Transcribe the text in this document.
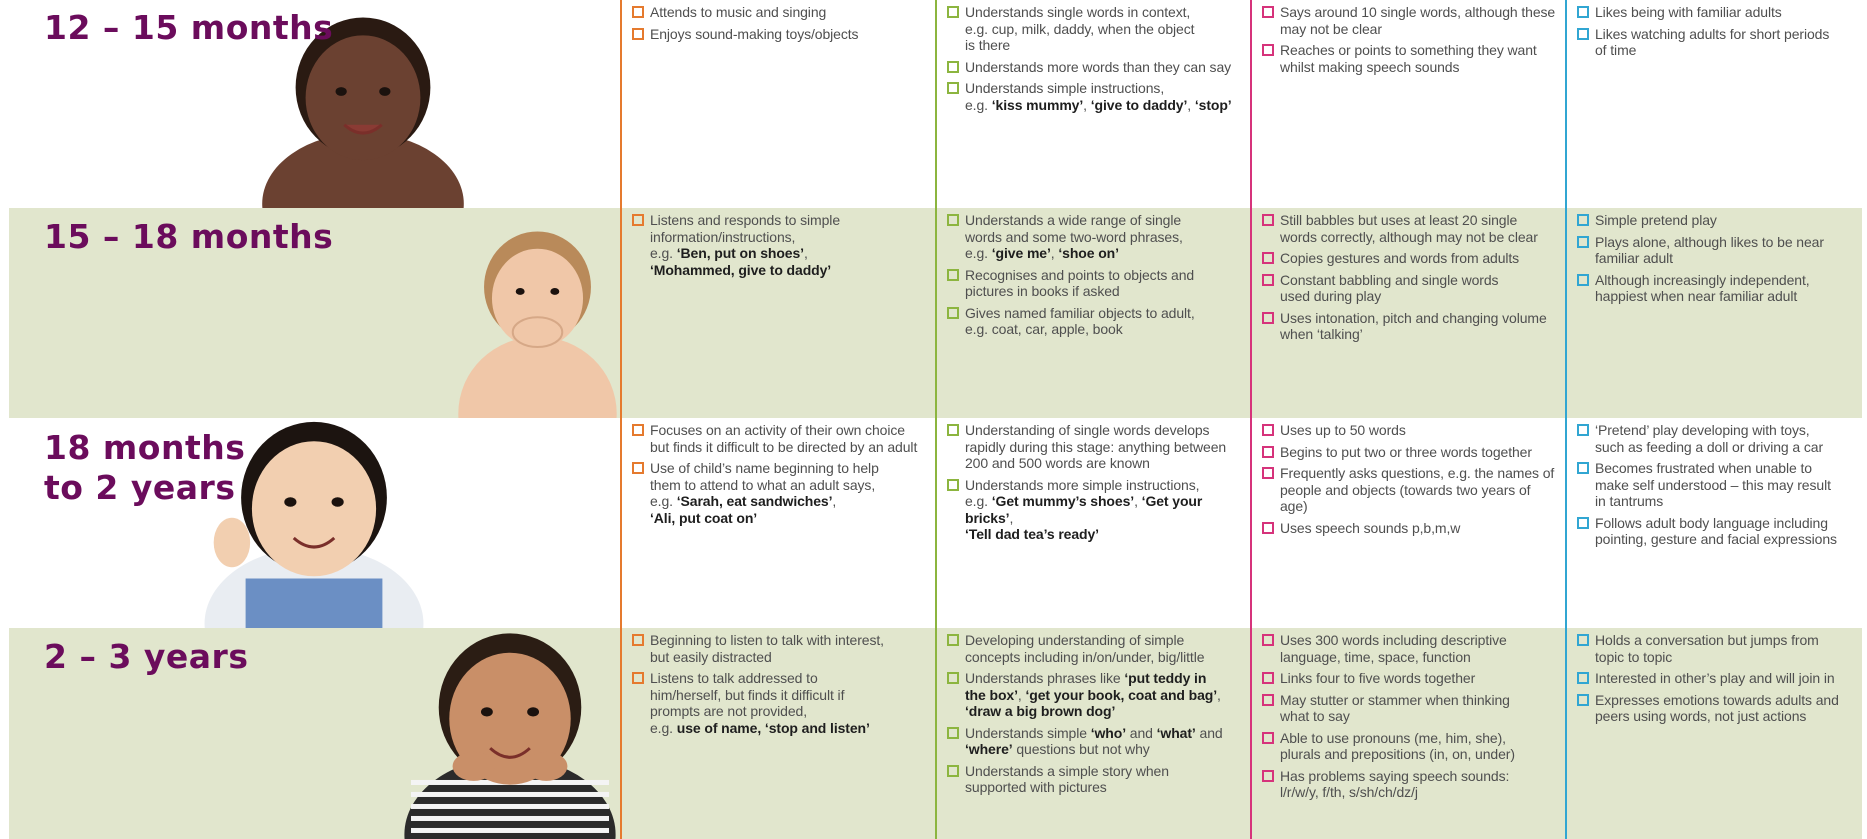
12 – 15 months
15 – 18 months
18 months
to 2 years
2 – 3 years
Attends to music and singing
Enjoys sound-making toys/objects
Understands single words in context,
e.g. cup, milk, daddy, when the object
is there
Understands more words than they can say
Understands simple instructions,
e.g. ‘kiss mummy’, ‘give to daddy’, ‘stop’
Says around 10 single words, although these
may not be clear
Reaches or points to something they want
whilst making speech sounds
Likes being with familiar adults
Likes watching adults for short periods
of time
Listens and responds to simple
information/instructions,
e.g. ‘Ben, put on shoes’,
‘Mohammed, give to daddy’
Understands a wide range of single
words and some two-word phrases,
e.g. ‘give me’, ‘shoe on’
Recognises and points to objects and
pictures in books if asked
Gives named familiar objects to adult,
e.g. coat, car, apple, book
Still babbles but uses at least 20 single
words correctly, although may not be clear
Copies gestures and words from adults
Constant babbling and single words
used during play
Uses intonation, pitch and changing volume
when ‘talking’
Simple pretend play
Plays alone, although likes to be near
familiar adult
Although increasingly independent,
happiest when near familiar adult
Focuses on an activity of their own choice
but finds it difficult to be directed by an adult
Use of child’s name beginning to help
them to attend to what an adult says,
e.g. ‘Sarah, eat sandwiches’,
‘Ali, put coat on’
Understanding of single words develops
rapidly during this stage: anything between
200 and 500 words are known
Understands more simple instructions,
e.g. ‘Get mummy’s shoes’, ‘Get your bricks’,
‘Tell dad tea’s ready’
Uses up to 50 words
Begins to put two or three words together
Frequently asks questions, e.g. the names of
people and objects (towards two years of age)
Uses speech sounds p,b,m,w
‘Pretend’ play developing with toys,
such as feeding a doll or driving a car
Becomes frustrated when unable to
make self understood – this may result
in tantrums
Follows adult body language including
pointing, gesture and facial expressions
Beginning to listen to talk with interest,
but easily distracted
Listens to talk addressed to
him/herself, but finds it difficult if
prompts are not provided,
e.g. use of name, ‘stop and listen’
Developing understanding of simple
concepts including in/on/under, big/little
Understands phrases like ‘put teddy in
the box’, ‘get your book, coat and bag’,
‘draw a big brown dog’
Understands simple ‘who’ and ‘what’ and
‘where’ questions but not why
Understands a simple story when
supported with pictures
Uses 300 words including descriptive
language, time, space, function
Links four to five words together
May stutter or stammer when thinking
what to say
Able to use pronouns (me, him, she),
plurals and prepositions (in, on, under)
Has problems saying speech sounds:
l/r/w/y, f/th, s/sh/ch/dz/j
Holds a conversation but jumps from
topic to topic
Interested in other’s play and will join in
Expresses emotions towards adults and
peers using words, not just actions
